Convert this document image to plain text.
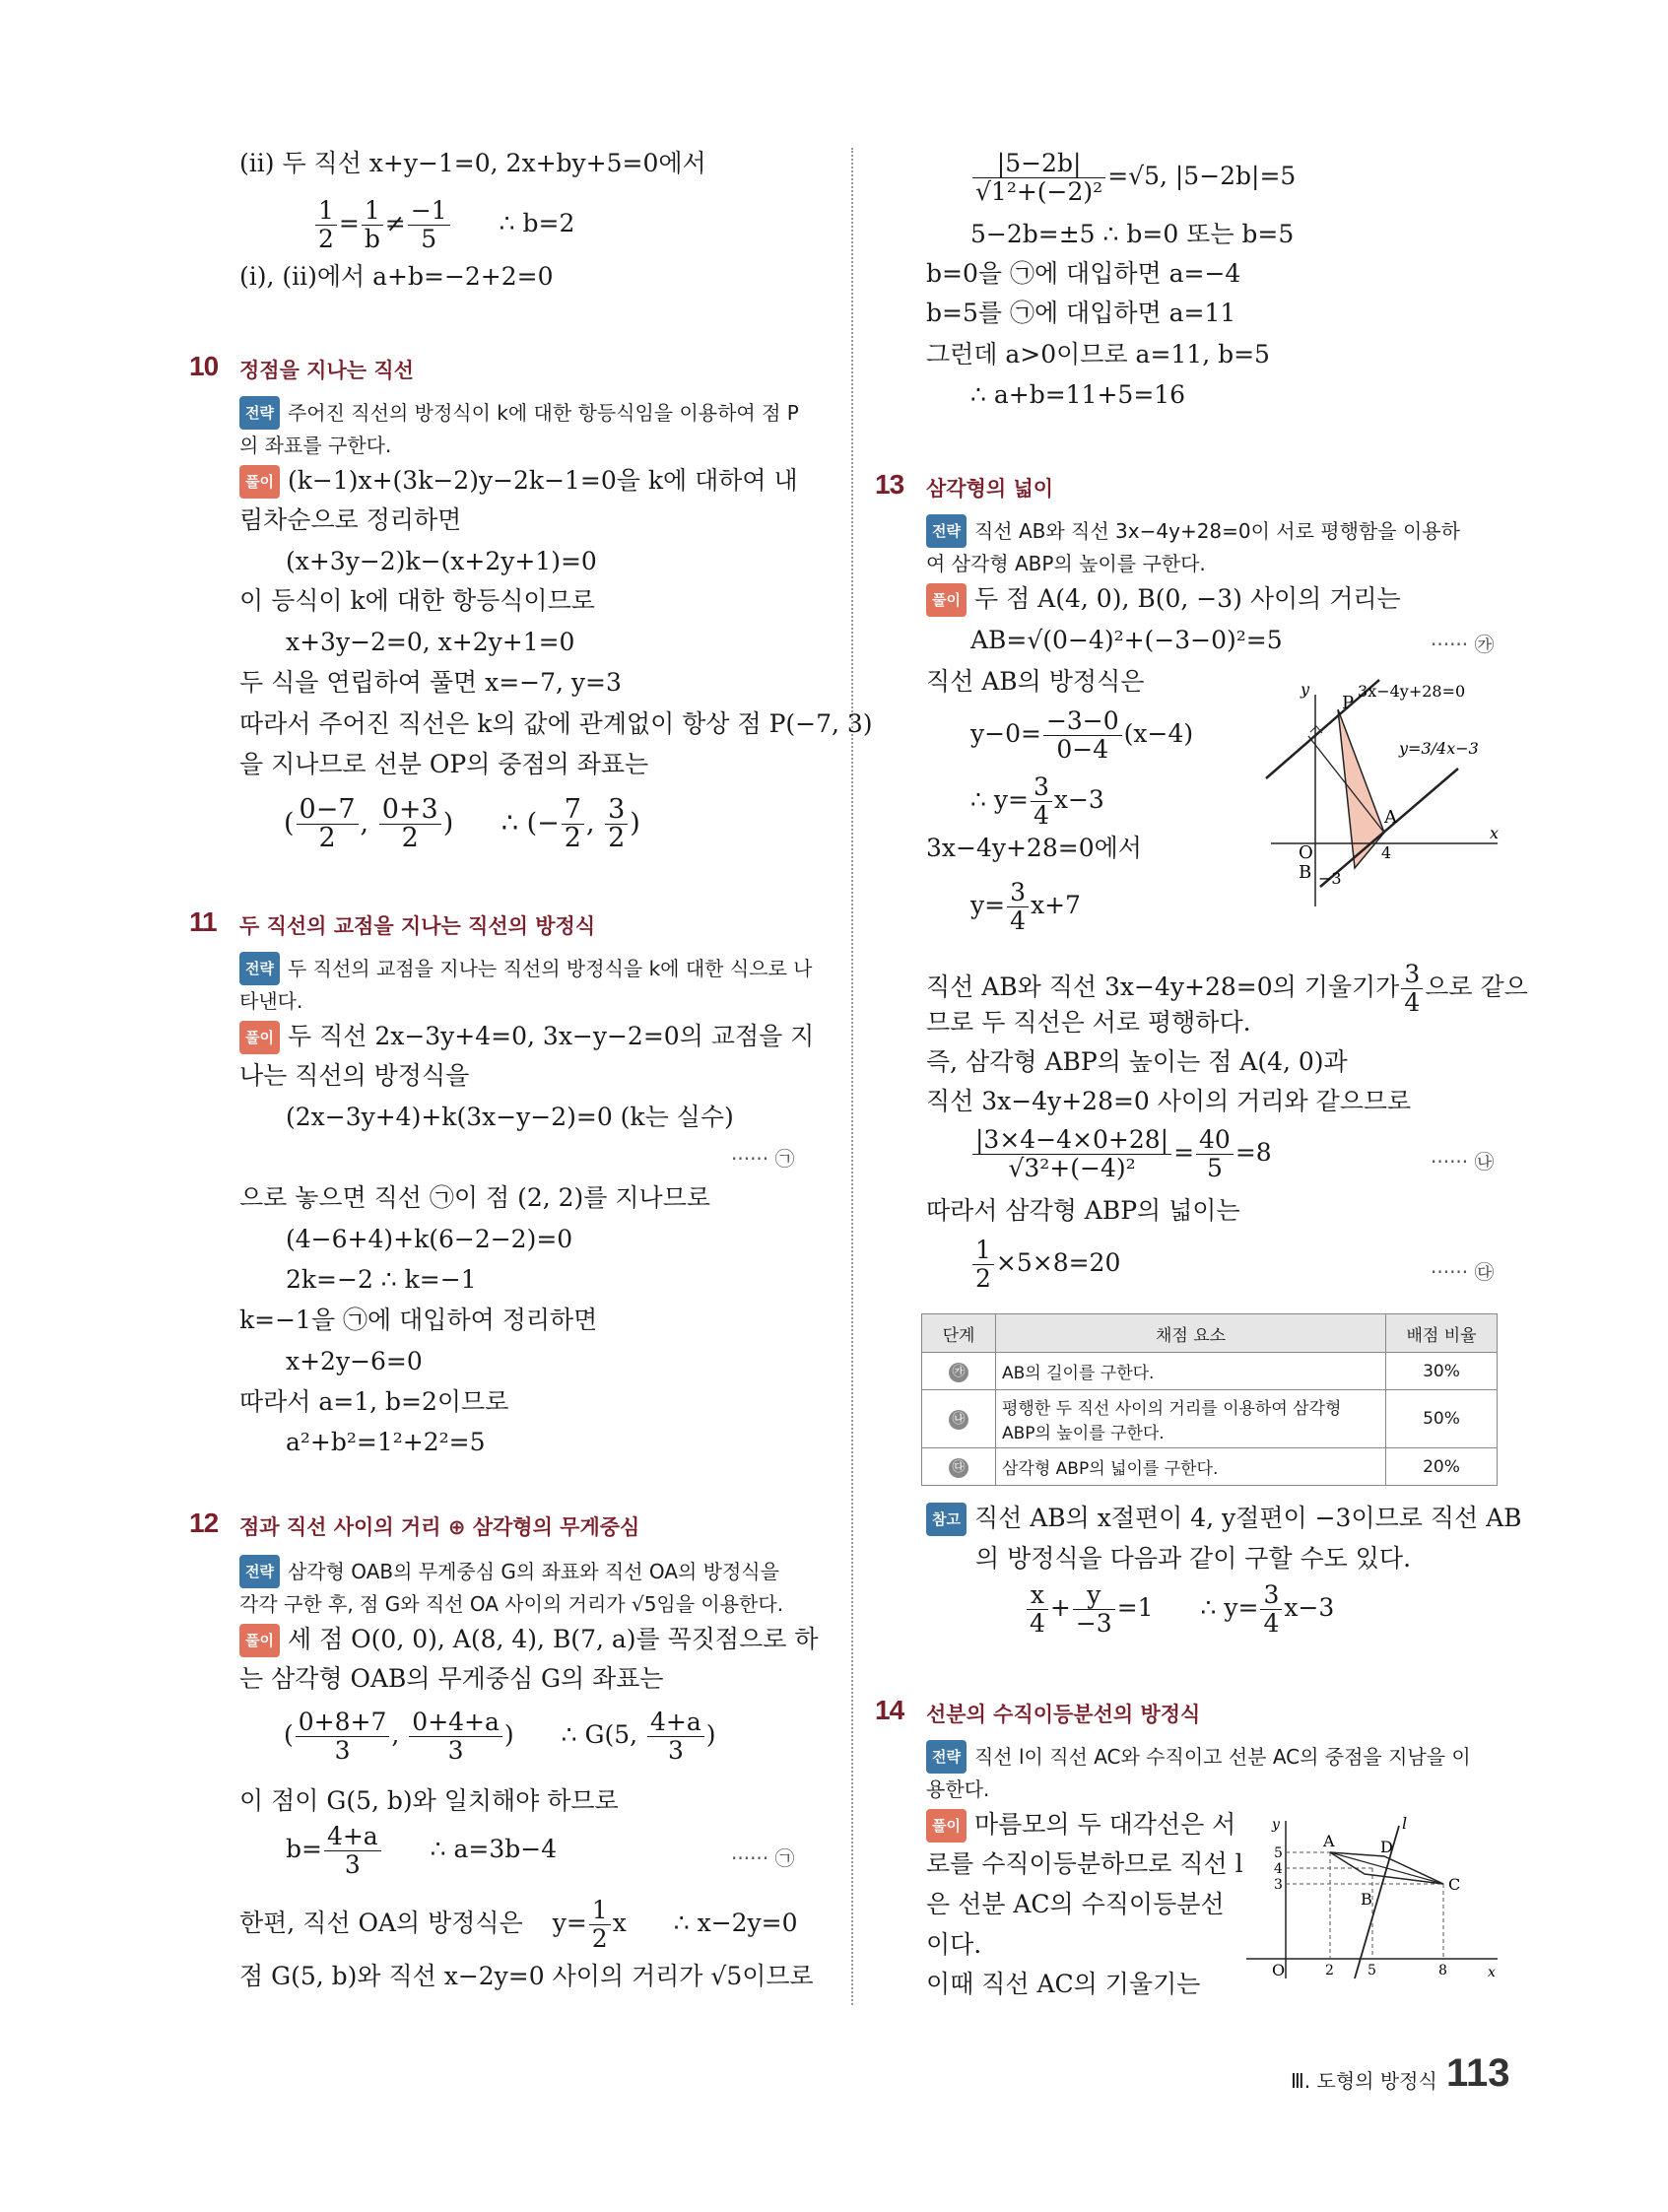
(ⅱ) 두 직선 x+y−1=0, 2x+by+5=0에서
$\frac{1}{2} = \frac{1}{b} \ne \frac{-1}{5}$ ∴ b=2
(ⅰ), (ⅱ)에서 a+b=−2+2=0
10 정점을 지나는 직선
전략 주어진 직선의 방정식이 k에 대한 항등식임을 이용하여 점 P
의 좌표를 구한다.
풀이 (k−1)x+(3k−2)y−2k−1=0을 k에 대하여 내
림차순으로 정리하면
(x+3y−2)k−(x+2y+1)=0
이 등식이 k에 대한 항등식이므로
x+3y−2=0, x+2y+1=0
두 식을 연립하여 풀면 x=−7, y=3
따라서 주어진 직선은 k의 값에 관계없이 항상 점 P(−7, 3)
을 지나므로 선분 OP의 중점의 좌표는
( $\frac{0-7}{2}$ , $\frac{0+3}{2}$ ) ∴ (− $\frac{7}{2}$ , $\frac{3}{2}$ )
11 두 직선의 교점을 지나는 직선의 방정식
전략 두 직선의 교점을 지나는 직선의 방정식을 k에 대한 식으로 나
타낸다.
풀이 두 직선 2x−3y+4=0, 3x−y−2=0의 교점을 지
나는 직선의 방정식을
(2x−3y+4)+k(3x−y−2)=0 (k는 실수)
······ ㉠
으로 놓으면 직선 ㉠이 점 (2, 2)를 지나므로
(4−6+4)+k(6−2−2)=0
2k=−2 ∴ k=−1
k=−1을 ㉠에 대입하여 정리하면
x+2y−6=0
따라서 a=1, b=2이므로
a²+b²=1²+2²=5
12 점과 직선 사이의 거리 ⊕ 삼각형의 무게중심
전략 삼각형 OAB의 무게중심 G의 좌표와 직선 OA의 방정식을
각각 구한 후, 점 G와 직선 OA 사이의 거리가 √5임을 이용한다.
풀이 세 점 O(0, 0), A(8, 4), B(7, a)를 꼭짓점으로 하
는 삼각형 OAB의 무게중심 G의 좌표는
( $\frac{0+8+7}{3}$ , $\frac{0+4+a}{3}$ ) ∴ G(5, $\frac{4+a}{3}$ )
이 점이 G(5, b)와 일치해야 하므로
$b= \frac{4+a}{3}$ ∴ a=3b−4	······ ㉠
한편, 직선 OA의 방정식은 $y= \frac{1}{2}$ x ∴ x−2y=0
점 G(5, b)와 직선 x−2y=0 사이의 거리가 √5이므로
$\frac{|5-2b|}{\text{√1²+(−2)²}} =√5$, |5−2b|=5
5−2b=±5 ∴ b=0 또는 b=5
b=0을 ㉠에 대입하면 a=−4
b=5를 ㉠에 대입하면 a=11
그런데 a>0이므로 a=11, b=5
∴ a+b=11+5=16
13 삼각형의 넓이
전략 직선 AB와 직선 3x−4y+28=0이 서로 평행함을 이용하
여 삼각형 ABP의 높이를 구한다.
풀이 두 점 A(4, 0), B(0, −3) 사이의 거리는
AB=√(0−4)²+(−3−0)²=5	······ ㉮
직선 AB의 방정식은
$y-0= \frac{-3-0}{0-4} (x-4)$
∴ $y= \frac{3}{4} x-3$
3x−4y+28=0에서
$y= \frac{3}{4} x+7$
y
x
P
A
O
B
4
−3
3x−4y+28=0
y=3/4x−3
직선 AB와 직선 3x−4y+28=0의 기울기가 $\frac{3}{4}$ 으로 같으
므로 두 직선은 서로 평행하다.
즉, 삼각형 ABP의 높이는 점 A(4, 0)과
직선 3x−4y+28=0 사이의 거리와 같으므로
$\frac{|3\times 4-4\times 0+28|}{\text{√3²+(−4)²}} = \frac{40}{5} =8$	······ ㉯
따라서 삼각형 ABP의 넓이는
$\frac{1}{2} \times 5\times 8=20$	······ ㉰
단계	채점 요소	배점 비율
㉮	AB의 길이를 구한다.	30%
㉯	평행한 두 직선 사이의 거리를 이용하여 삼각형 ABP의 높이를 구한다.	50%
㉰	삼각형 ABP의 넓이를 구한다.	20%
참고 직선 AB의 x절편이 4, y절편이 −3이므로 직선 AB
의 방정식을 다음과 같이 구할 수도 있다.
$\frac{x}{4} + \frac{y}{-3} =1$ ∴ $y= \frac{3}{4} x-3$
14 선분의 수직이등분선의 방정식
전략 직선 l이 직선 AC와 수직이고 선분 AC의 중점을 지남을 이
용한다.
풀이 마름모의 두 대각선은 서
로를 수직이등분하므로 직선 l
은 선분 AC의 수직이등분선
이다.
이때 직선 AC의 기울기는
y
x
l
A	D
C
B
O
5
4
3
2 5	8
Ⅲ. 도형의 방정식 113
